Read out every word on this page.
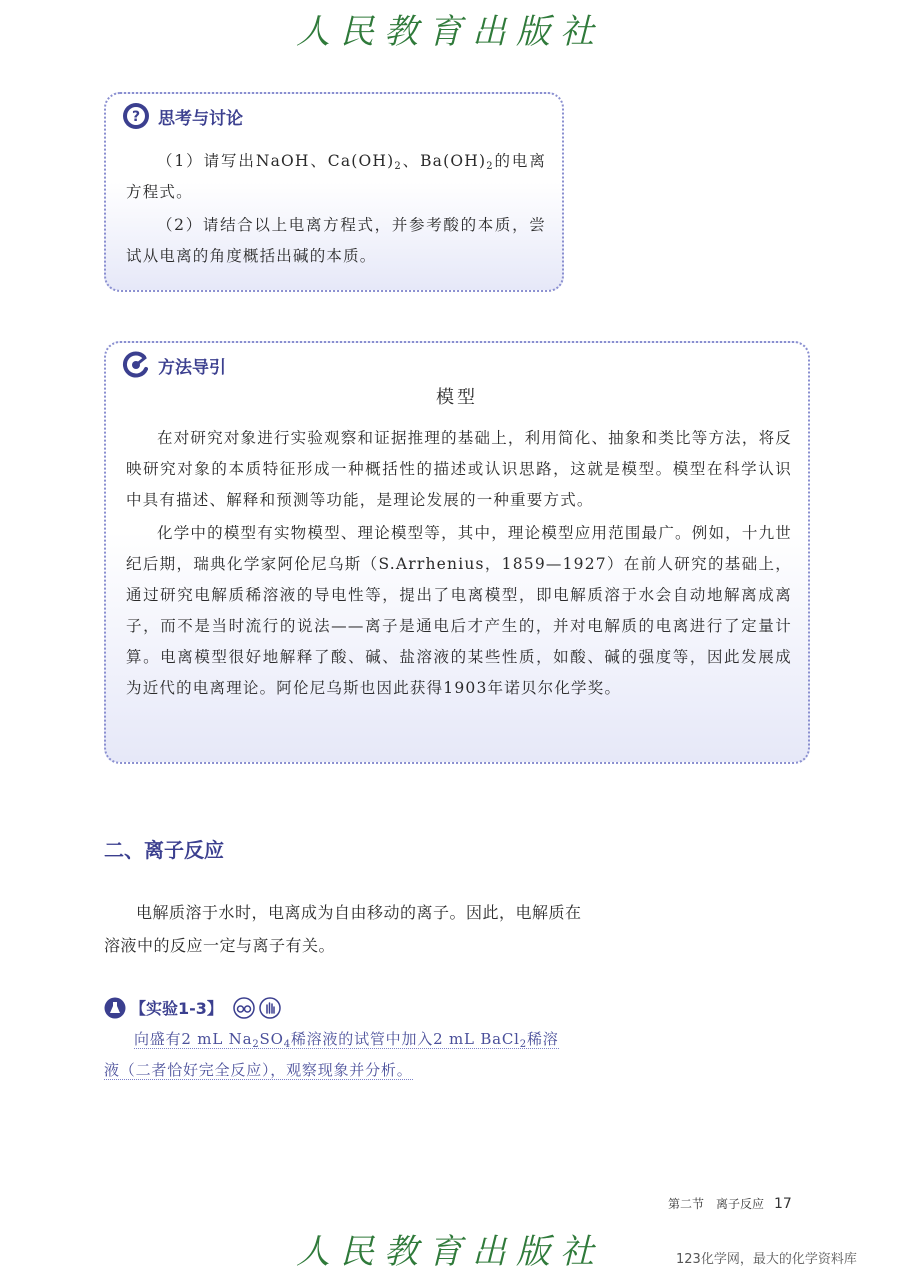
人民教育出版社
? 思考与讨论
（1）请写出NaOH、$Ca(OH)_2$、$Ba(OH)_2$的电离方程式。
（2）请结合以上电离方程式，并参考酸的本质，尝试从电离的角度概括出碱的本质。
方法导引
模型
在对研究对象进行实验观察和证据推理的基础上，利用简化、抽象和类比等方法，将反映研究对象的本质特征形成一种概括性的描述或认识思路，这就是模型。模型在科学认识中具有描述、解释和预测等功能，是理论发展的一种重要方式。
化学中的模型有实物模型、理论模型等，其中，理论模型应用范围最广。例如，十九世纪后期，瑞典化学家阿伦尼乌斯（S.Arrhenius，1859—1927）在前人研究的基础上，通过研究电解质稀溶液的导电性等，提出了电离模型，即电解质溶于水会自动地解离成离子，而不是当时流行的说法——离子是通电后才产生的，并对电解质的电离进行了定量计算。电离模型很好地解释了酸、碱、盐溶液的某些性质，如酸、碱的强度等，因此发展成为近代的电离理论。阿伦尼乌斯也因此获得1903年诺贝尔化学奖。
二、离子反应
电解质溶于水时，电离成为自由移动的离子。因此，电解质在溶液中的反应一定与离子有关。
【实验1-3】
向盛有2 mL $Na_2SO_4$稀溶液的试管中加入2 mL BaCl$_2$稀溶液（二者恰好完全反应），观察现象并分析。
第二节　离子反应 17
人民教育出版社	123化学网，最大的化学资料库
